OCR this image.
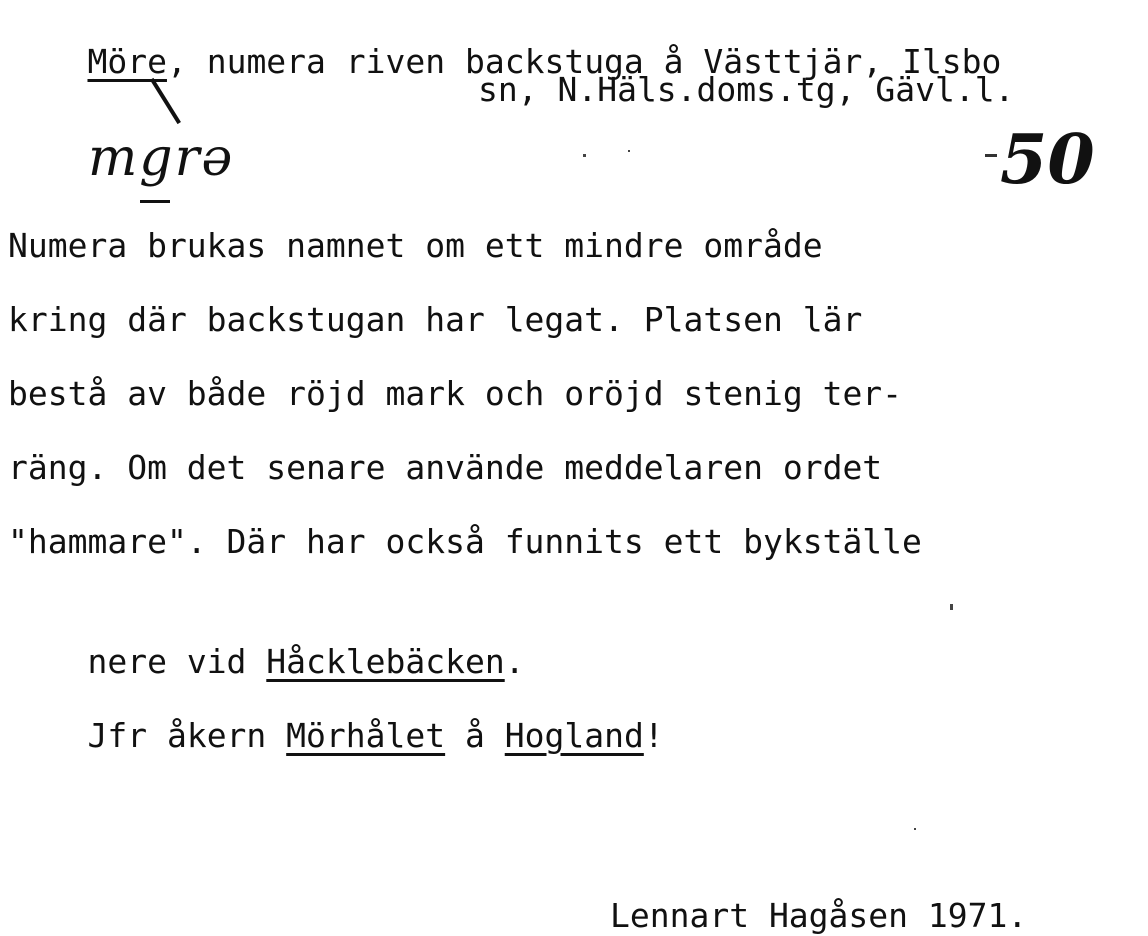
Möre, numera riven backstuga å Västtjär, Ilsbo

sn, N.Häls.doms.tg, Gävl.l.
mgrə	50
Numera brukas namnet om ett mindre område
kring där backstugan har legat. Platsen lär
bestå av både röjd mark och oröjd stenig ter-
räng. Om det senare använde meddelaren ordet
"hammare". Där har också funnits ett bykställe

nere vid Håcklebäcken.

Jfr åkern Mörhålet å Hogland!

Lennart Hagåsen 1971.
